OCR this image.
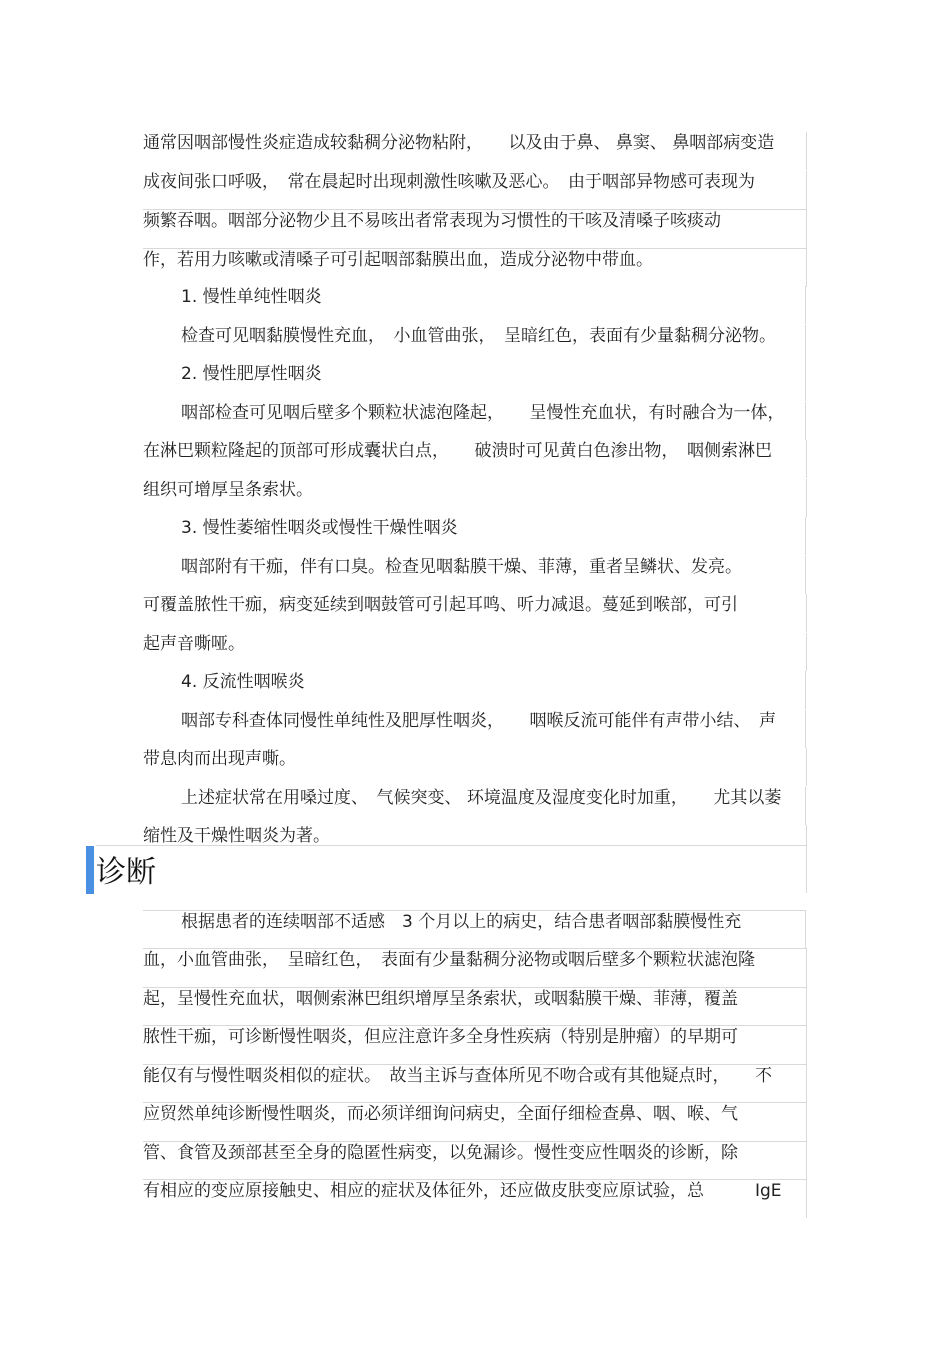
通常因咽部慢性炎症造成较黏稠分泌物粘附，　　以及由于鼻、 鼻窦、 鼻咽部病变造
成夜间张口呼吸，　常在晨起时出现刺激性咳嗽及恶心。　由于咽部异物感可表现为
频繁吞咽。咽部分泌物少且不易咳出者常表现为习惯性的干咳及清嗓子咳痰动
作，若用力咳嗽或清嗓子可引起咽部黏膜出血，造成分泌物中带血。
1. 慢性单纯性咽炎
检查可见咽黏膜慢性充血，　小血管曲张，　呈暗红色，表面有少量黏稠分泌物。
2. 慢性肥厚性咽炎
咽部检查可见咽后壁多个颗粒状滤泡隆起，　　呈慢性充血状，有时融合为一体，
在淋巴颗粒隆起的顶部可形成囊状白点，　　破溃时可见黄白色渗出物，　咽侧索淋巴
组织可增厚呈条索状。
3. 慢性萎缩性咽炎或慢性干燥性咽炎
咽部附有干痂，伴有口臭。检查见咽黏膜干燥、菲薄，重者呈鳞状、发亮。
可覆盖脓性干痂，病变延续到咽鼓管可引起耳鸣、听力减退。蔓延到喉部，可引
起声音嘶哑。
4. 反流性咽喉炎
咽部专科查体同慢性单纯性及肥厚性咽炎，　　咽喉反流可能伴有声带小结、　声
带息肉而出现声嘶。
上述症状常在用嗓过度、　气候突变、 环境温度及湿度变化时加重，　　尤其以萎
缩性及干燥性咽炎为著。
诊断
根据患者的连续咽部不适感　3 个月以上的病史，结合患者咽部黏膜慢性充
血，小血管曲张，　呈暗红色，　表面有少量黏稠分泌物或咽后壁多个颗粒状滤泡隆
起，呈慢性充血状，咽侧索淋巴组织增厚呈条索状，或咽黏膜干燥、菲薄，覆盖
脓性干痂，可诊断慢性咽炎，但应注意许多全身性疾病（特别是肿瘤）的早期可
能仅有与慢性咽炎相似的症状。　故当主诉与查体所见不吻合或有其他疑点时，　　不
应贸然单纯诊断慢性咽炎，而必须详细询问病史，全面仔细检查鼻、咽、喉、气
管、食管及颈部甚至全身的隐匿性病变，以免漏诊。慢性变应性咽炎的诊断，除
有相应的变应原接触史、相应的症状及体征外，还应做皮肤变应原试验，总　　　IgE
